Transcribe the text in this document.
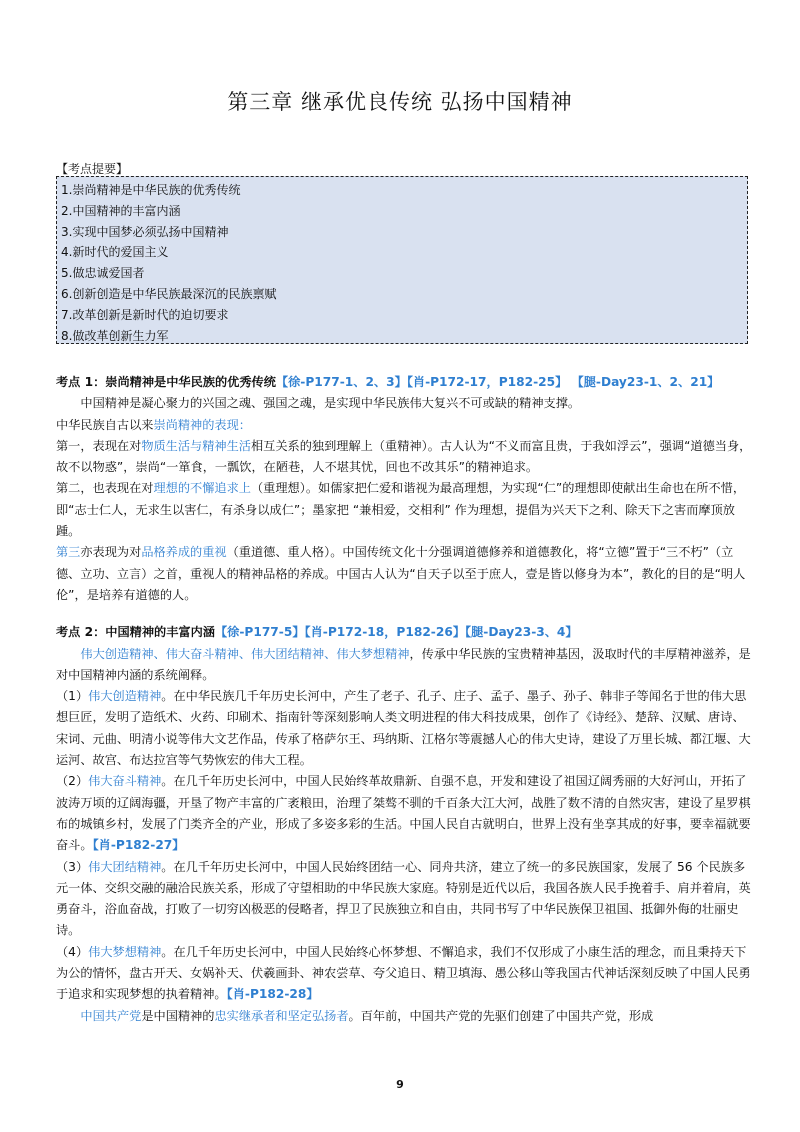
第三章 继承优良传统 弘扬中国精神
【考点提要】
1.崇尚精神是中华民族的优秀传统
2.中国精神的丰富内涵
3.实现中国梦必须弘扬中国精神
4.新时代的爱国主义
5.做忠诚爱国者
6.创新创造是中华民族最深沉的民族禀赋
7.改革创新是新时代的迫切要求
8.做改革创新生力军

考点 1：崇尚精神是中华民族的优秀传统【徐-P177-1、2、3】【肖-P172-17，P182-25】 【腿-Day23-1、2、21】

中国精神是凝心聚力的兴国之魂、强国之魂，是实现中华民族伟大复兴不可或缺的精神支撑。

中华民族自古以来崇尚精神的表现：

第一，表现在对物质生活与精神生活相互关系的独到理解上（重精神）。古人认为“不义而富且贵，于我如浮云”，强调“道德当身，故不以物惑”，崇尚“一箪食，一瓢饮，在陋巷，人不堪其忧，回也不改其乐”的精神追求。

第二，也表现在对理想的不懈追求上（重理想）。如儒家把仁爱和谐视为最高理想，为实现“仁”的理想即使献出生命也在所不惜，即“志士仁人，无求生以害仁，有杀身以成仁”；墨家把 “兼相爱，交相利” 作为理想，提倡为兴天下之利、除天下之害而摩顶放踵。

第三亦表现为对品格养成的重视（重道德、重人格）。中国传统文化十分强调道德修养和道德教化，将“立德”置于“三不朽”（立德、立功、立言）之首，重视人的精神品格的养成。中国古人认为“自天子以至于庶人，壹是皆以修身为本”，教化的目的是“明人伦”，是培养有道德的人。

考点 2：中国精神的丰富内涵【徐-P177-5】【肖-P172-18，P182-26】【腿-Day23-3、4】

伟大创造精神、伟大奋斗精神、伟大团结精神、伟大梦想精神，传承中华民族的宝贵精神基因，汲取时代的丰厚精神滋养，是对中国精神内涵的系统阐释。

（1）伟大创造精神。在中华民族几千年历史长河中，产生了老子、孔子、庄子、孟子、墨子、孙子、韩非子等闻名于世的伟大思想巨匠，发明了造纸术、火药、印刷术、指南针等深刻影响人类文明进程的伟大科技成果，创作了《诗经》、楚辞、汉赋、唐诗、宋词、元曲、明清小说等伟大文艺作品，传承了格萨尔王、玛纳斯、江格尔等震撼人心的伟大史诗，建设了万里长城、都江堰、大运河、故宫、布达拉宫等气势恢宏的伟大工程。

（2）伟大奋斗精神。在几千年历史长河中，中国人民始终革故鼎新、自强不息，开发和建设了祖国辽阔秀丽的大好河山，开拓了波涛万顷的辽阔海疆，开垦了物产丰富的广袤粮田，治理了桀骜不驯的千百条大江大河，战胜了数不清的自然灾害，建设了星罗棋布的城镇乡村，发展了门类齐全的产业，形成了多姿多彩的生活。中国人民自古就明白，世界上没有坐享其成的好事，要幸福就要奋斗。【肖-P182-27】

（3）伟大团结精神。在几千年历史长河中，中国人民始终团结一心、同舟共济，建立了统一的多民族国家，发展了 56 个民族多元一体、交织交融的融洽民族关系，形成了守望相助的中华民族大家庭。特别是近代以后，我国各族人民手挽着手、肩并着肩，英勇奋斗，浴血奋战，打败了一切穷凶极恶的侵略者，捍卫了民族独立和自由，共同书写了中华民族保卫祖国、抵御外侮的壮丽史诗。

（4）伟大梦想精神。在几千年历史长河中，中国人民始终心怀梦想、不懈追求，我们不仅形成了小康生活的理念，而且秉持天下为公的情怀，盘古开天、女娲补天、伏羲画卦、神农尝草、夸父追日、精卫填海、愚公移山等我国古代神话深刻反映了中国人民勇于追求和实现梦想的执着精神。【肖-P182-28】

中国共产党是中国精神的忠实继承者和坚定弘扬者。百年前，中国共产党的先驱们创建了中国共产党，形成

9
